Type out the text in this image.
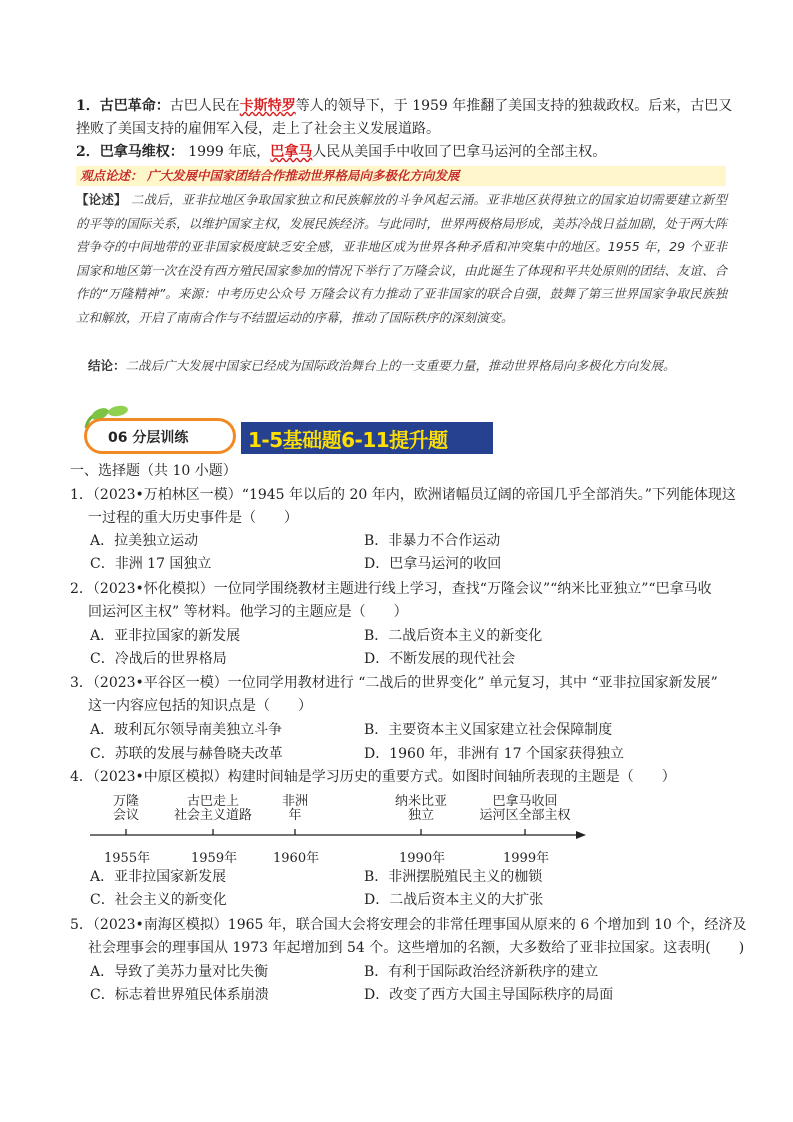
1．古巴革命：古巴人民在卡斯特罗等人的领导下，于 1959 年推翻了美国支持的独裁政权。后来，古巴又
挫败了美国支持的雇佣军入侵，走上了社会主义发展道路。
2．巴拿马维权： 1999 年底，巴拿马人民从美国手中收回了巴拿马运河的全部主权。
观点论述： 广大发展中国家团结合作推动世界格局向多极化方向发展
【论述】 二战后，亚非拉地区争取国家独立和民族解放的斗争风起云涌。亚非地区获得独立的国家迫切需要建立新型的平等的国际关系，以维护国家主权，发展民族经济。与此同时，世界两极格局形成，美苏冷战日益加剧，处于两大阵营争夺的中间地带的亚非国家极度缺乏安全感，亚非地区成为世界各种矛盾和冲突集中的地区。1955 年，29 个亚非国家和地区第一次在没有西方殖民国家参加的情况下举行了万隆会议，由此诞生了体现和平共处原则的团结、友谊、合作的“万隆精神”。来源：中考历史公众号 万隆会议有力推动了亚非国家的联合自强，鼓舞了第三世界国家争取民族独立和解放，开启了南南合作与不结盟运动的序幕，推动了国际秩序的深刻演变。
结论：二战后广大发展中国家已经成为国际政治舞台上的一支重要力量，推动世界格局向多极化方向发展。
06 分层训练	1-5基础题6-11提升题
一、选择题（共 10 小题）
1．（2023•万柏林区一模）“1945 年以后的 20 年内，欧洲诸幅员辽阔的帝国几乎全部消失。”下列能体现这
一过程的重大历史事件是（　　）
A．拉美独立运动	B．非暴力不合作运动
C．非洲 17 国独立	D．巴拿马运河的收回
2．（2023•怀化模拟）一位同学围绕教材主题进行线上学习，查找“万隆会议”“纳米比亚独立”“巴拿马收
回运河区主权” 等材料。他学习的主题应是（　　）
A．亚非拉国家的新发展	B．二战后资本主义的新变化
C．冷战后的世界格局	D．不断发展的现代社会
3．（2023•平谷区一模）一位同学用教材进行 “二战后的世界变化” 单元复习，其中 “亚非拉国家新发展”
这一内容应包括的知识点是（　　）
A．玻利瓦尔领导南美独立斗争	B．主要资本主义国家建立社会保障制度
C．苏联的发展与赫鲁晓夫改革	D．1960 年，非洲有 17 个国家获得独立
4．（2023•中原区模拟）构建时间轴是学习历史的重要方式。如图时间轴所表现的主题是（　　）
万隆
会议
古巴走上
社会主义道路
非洲
年
纳米比亚
独立
巴拿马收回
运河区全部主权
1955年	1959年	1960年	1990年	1999年
A．亚非拉国家新发展	B．非洲摆脱殖民主义的枷锁
C．社会主义的新变化	D．二战后资本主义的大扩张
5．（2023•南海区模拟）1965 年，联合国大会将安理会的非常任理事国从原来的 6 个增加到 10 个，经济及
社会理事会的理事国从 1973 年起增加到 54 个。这些增加的名额，大多数给了亚非拉国家。这表明(　　)
A．导致了美苏力量对比失衡	B．有利于国际政治经济新秩序的建立
C．标志着世界殖民体系崩溃	D．改变了西方大国主导国际秩序的局面
